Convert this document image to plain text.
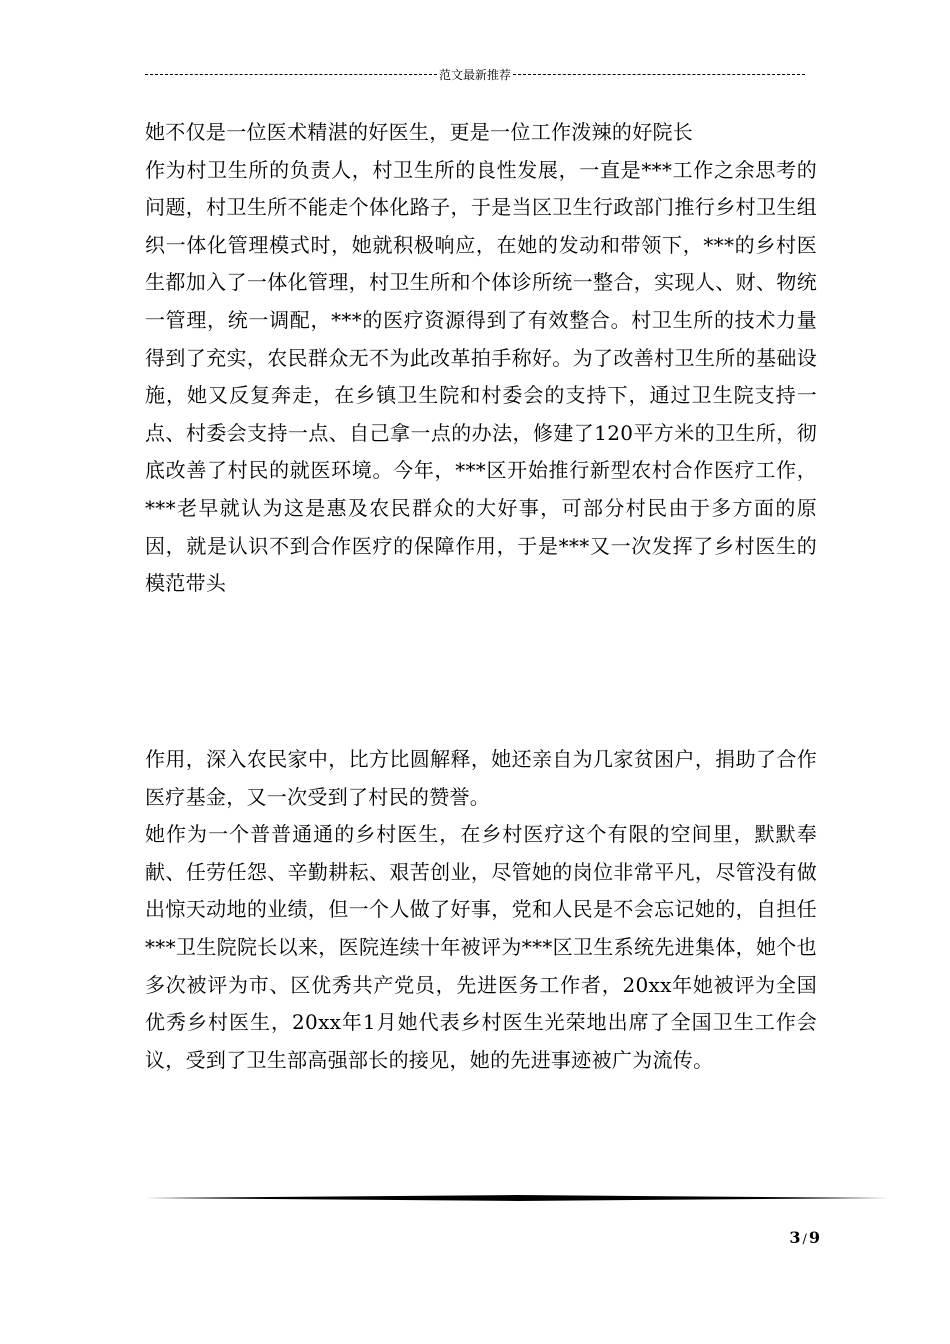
范文最新推荐

她不仅是一位医术精湛的好医生，更是一位工作泼辣的好院长

作为村卫生所的负责人，村卫生所的良性发展，一直是***工作之余思考的问题，村卫生所不能走个体化路子，于是当区卫生行政部门推行乡村卫生组织一体化管理模式时，她就积极响应，在她的发动和带领下，***的乡村医生都加入了一体化管理，村卫生所和个体诊所统一整合，实现人、财、物统一管理，统一调配，***的医疗资源得到了有效整合。村卫生所的技术力量得到了充实，农民群众无不为此改革拍手称好。为了改善村卫生所的基础设施，她又反复奔走，在乡镇卫生院和村委会的支持下，通过卫生院支持一点、村委会支持一点、自己拿一点的办法，修建了120平方米的卫生所，彻底改善了村民的就医环境。今年，***区开始推行新型农村合作医疗工作，***老早就认为这是惠及农民群众的大好事，可部分村民由于多方面的原因，就是认识不到合作医疗的保障作用，于是***又一次发挥了乡村医生的模范带头

作用，深入农民家中，比方比圆解释，她还亲自为几家贫困户，捐助了合作医疗基金，又一次受到了村民的赞誉。

她作为一个普普通通的乡村医生，在乡村医疗这个有限的空间里，默默奉献、任劳任怨、辛勤耕耘、艰苦创业，尽管她的岗位非常平凡，尽管没有做出惊天动地的业绩，但一个人做了好事，党和人民是不会忘记她的，自担任***卫生院院长以来，医院连续十年被评为***区卫生系统先进集体，她个也多次被评为市、区优秀共产党员，先进医务工作者，20xx年她被评为全国优秀乡村医生，20xx年1月她代表乡村医生光荣地出席了全国卫生工作会议，受到了卫生部高强部长的接见，她的先进事迹被广为流传。

3 / 9
